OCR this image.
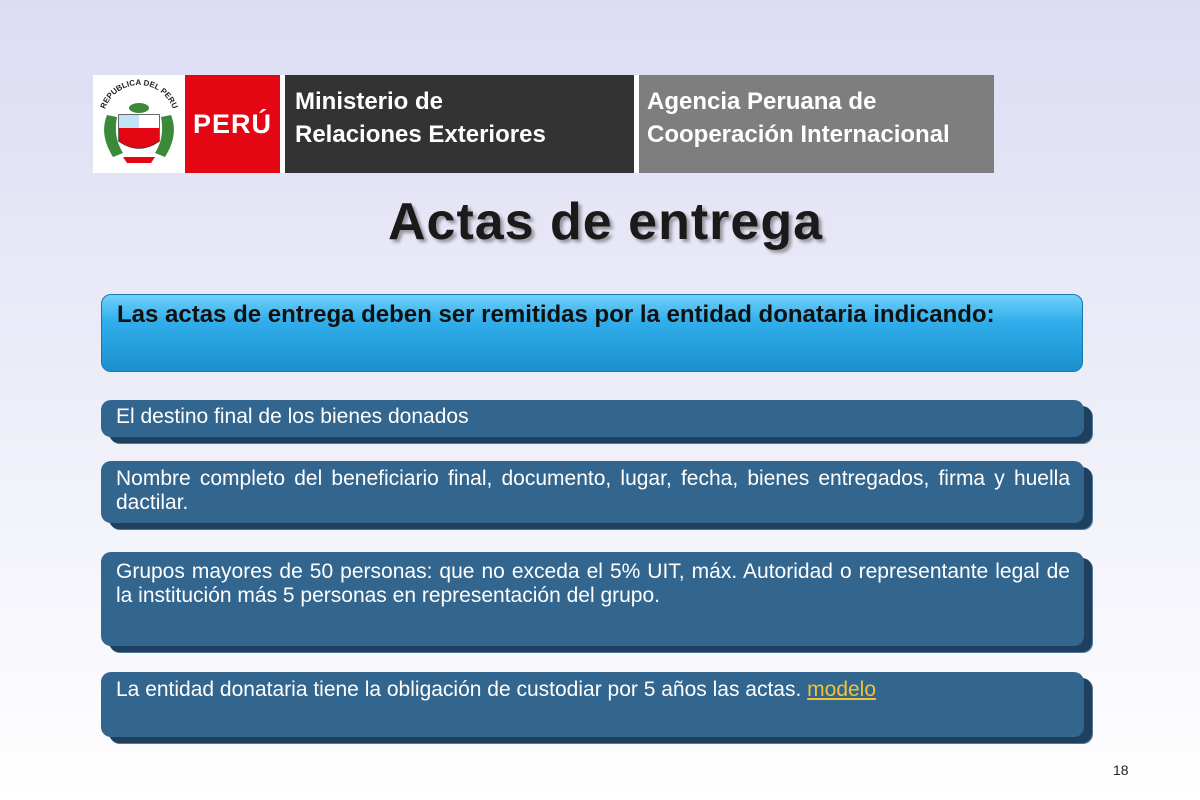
REPUBLICA DEL PERU
PERÚ
Ministerio de
Relaciones Exteriores
Agencia Peruana de
Cooperación Internacional
Actas de entrega
Las actas de entrega deben ser remitidas por la entidad donataria indicando:
El destino final de los bienes donados
Nombre completo del beneficiario final, documento, lugar, fecha, bienes entregados, firma y huella dactilar.
Grupos mayores de 50 personas: que no exceda el 5% UIT, máx. Autoridad o representante legal de la institución más 5 personas en representación del grupo.
La entidad donataria tiene la obligación de custodiar por 5 años las actas. modelo
18
